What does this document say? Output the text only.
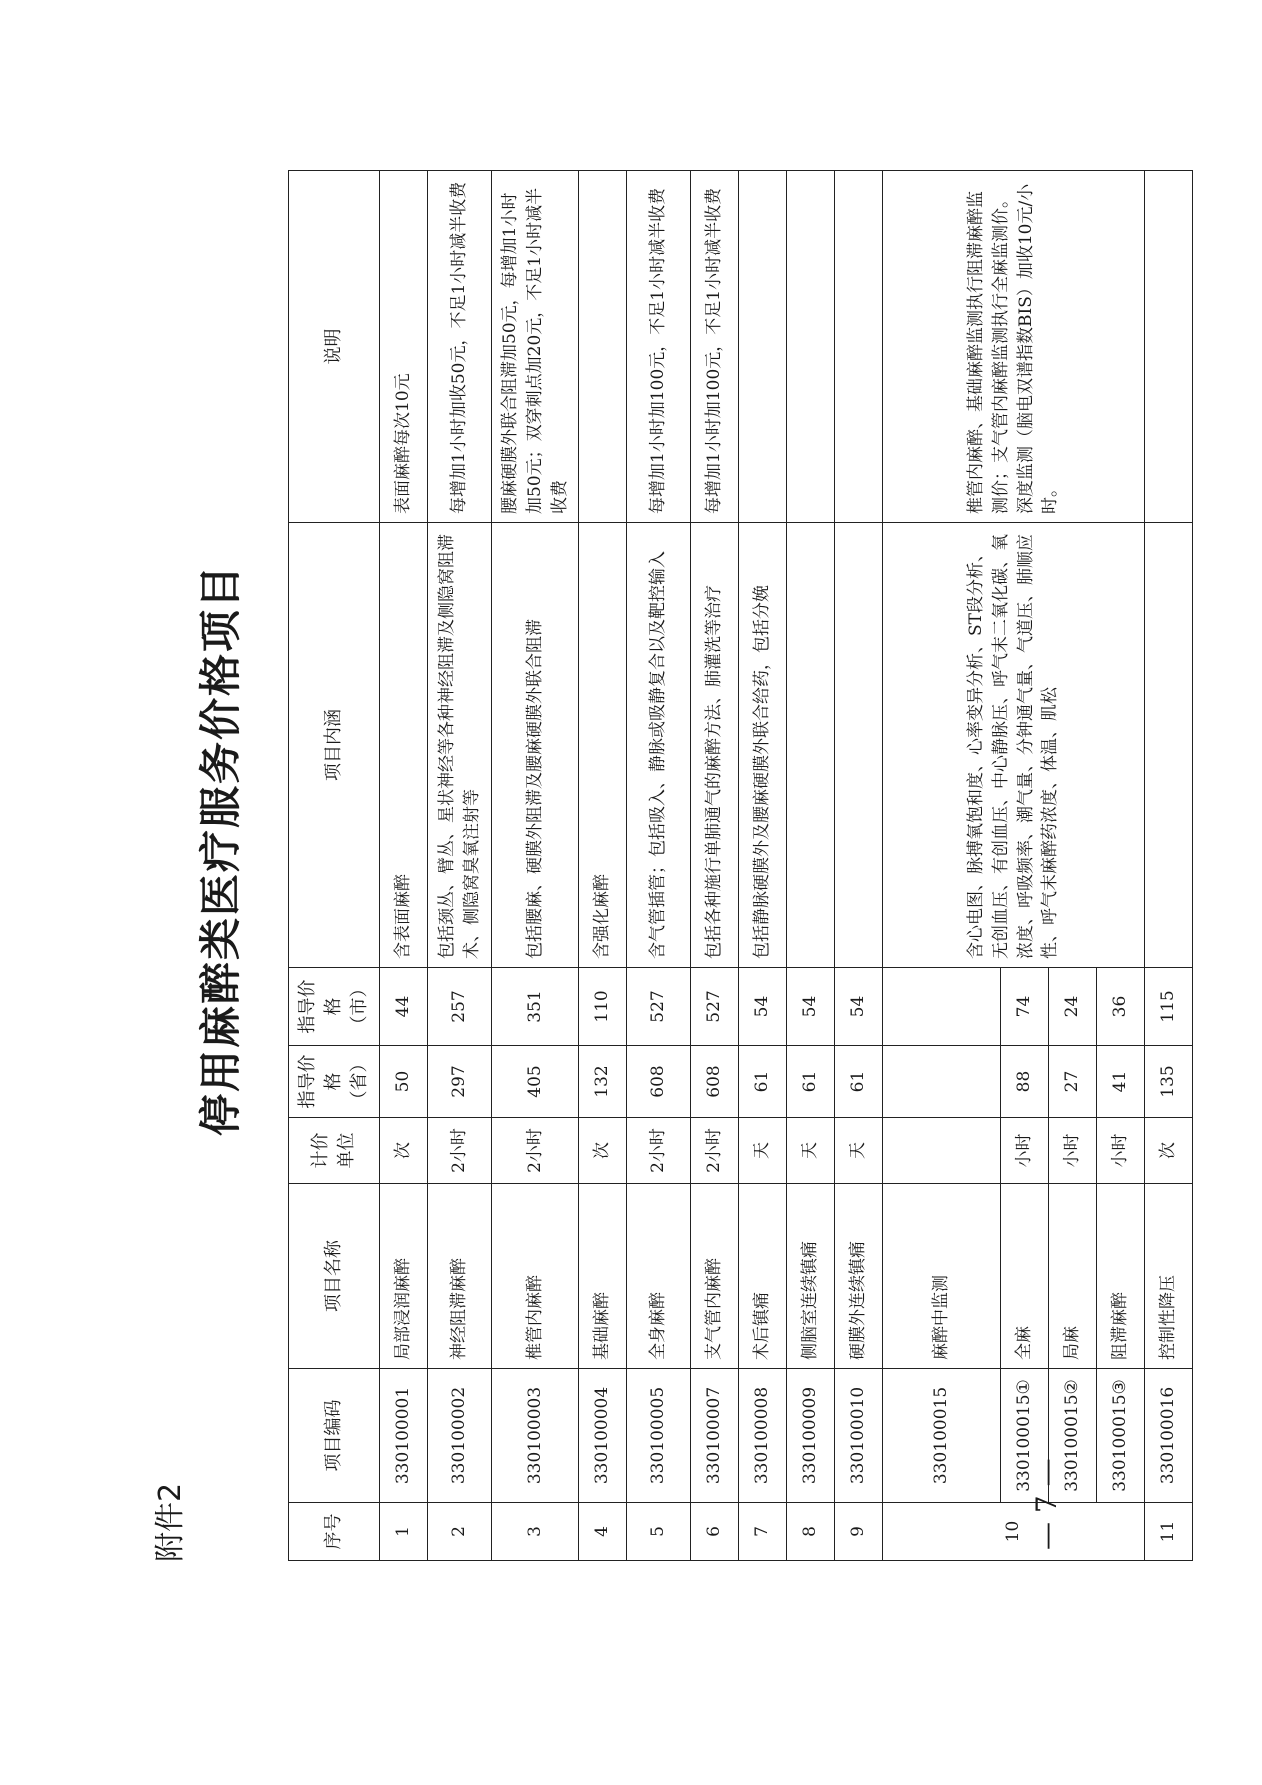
附件2
停用麻醉类医疗服务价格项目
序号	项目编码	项目名称	计价单位	指导价格（省）	指导价格（市）	项目内涵	说明
1	330100001	局部浸润麻醉	次	50	44	含表面麻醉	表面麻醉每次10元
2	330100002	神经阻滞麻醉	2小时	297	257	包括颈丛、臂丛、星状神经等各种神经阻滞及侧隐窝阻滞术、侧隐窝臭氧注射等	每增加1小时加收50元，不足1小时减半收费
3	330100003	椎管内麻醉	2小时	405	351	包括腰麻、硬膜外阻滞及腰麻硬膜外联合阻滞	腰麻硬膜外联合阻滞加50元，每增加1小时加50元；双穿刺点加20元，不足1小时减半收费
4	330100004	基础麻醉	次	132	110	含强化麻醉	
5	330100005	全身麻醉	2小时	608	527	含气管插管；包括吸入、静脉或吸静复合以及靶控输入	每增加1小时加100元，不足1小时减半收费
6	330100007	支气管内麻醉	2小时	608	527	包括各种施行单肺通气的麻醉方法、肺灌洗等治疗	每增加1小时加100元，不足1小时减半收费
7	330100008	术后镇痛	天	61	54	包括静脉硬膜外及腰麻硬膜外联合给药，包括分娩	
8	330100009	侧脑室连续镇痛	天	61	54		
9	330100010	硬膜外连续镇痛	天	61	54		
10	330100015	麻醉中监测				含心电图、脉搏氧饱和度、心率变异分析、ST段分析、无创血压、有创血压、中心静脉压、呼气末二氧化碳、氧浓度、呼吸频率、潮气量、分钟通气量、气道压、肺顺应性、呼气末麻醉药浓度、体温、肌松	椎管内麻醉、基础麻醉监测执行阻滞麻醉监测价；支气管内麻醉监测执行全麻监测价。深度监测（脑电双谱指数BIS）加收10元/小时。
	330100015①	全麻	小时	88	74		
	330100015②	局麻	小时	27	24		
	330100015③	阻滞麻醉	小时	41	36		
11	330100016	控制性降压	次	135	115		
— 7 —
